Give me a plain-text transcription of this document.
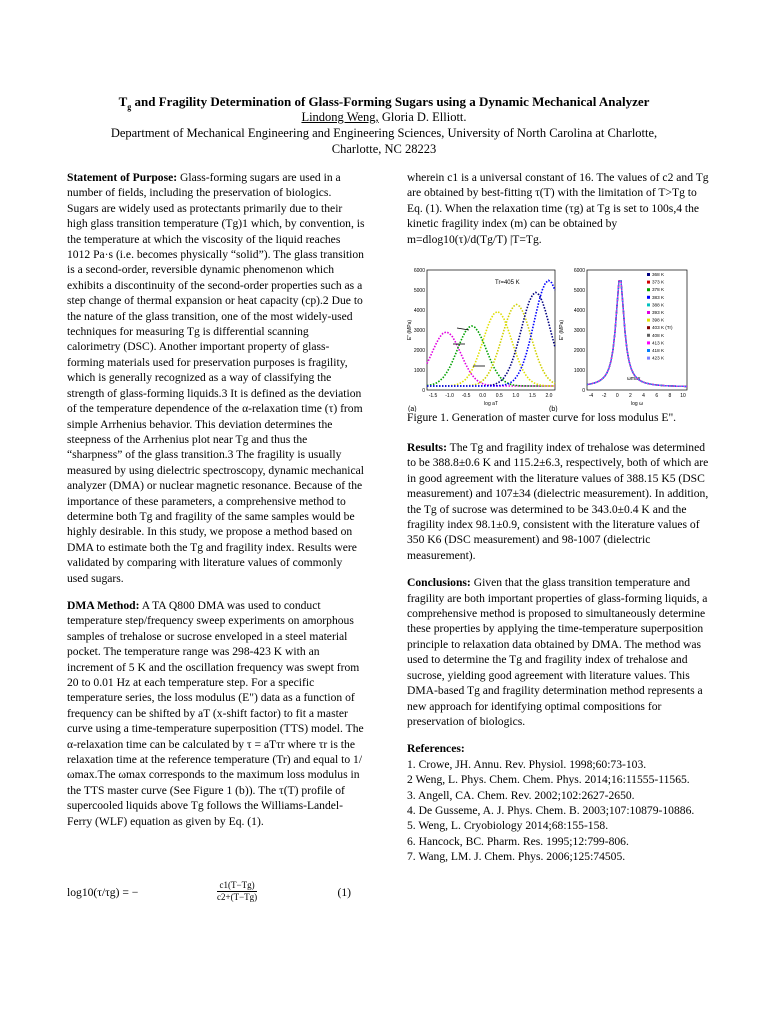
$T_g$ and Fragility Determination of Glass-Forming Sugars using a Dynamic Mechanical Analyzer
Lindong Weng, Gloria D. Elliott.
Department of Mechanical Engineering and Engineering Sciences, University of North Carolina at Charlotte,
Charlotte, NC 28223

Statement of Purpose: Glass-forming sugars are used in a number of fields, including the preservation of biologics. Sugars are widely used as protectants primarily due to their high glass transition temperature (Tg)1 which, by convention, is the temperature at which the viscosity of the liquid reaches 1012 Pa·s (i.e. becomes physically “solid”). The glass transition is a second-order, reversible dynamic phenomenon which exhibits a discontinuity of the second-order properties such as a step change of thermal expansion or heat capacity (cp).2 Due to the nature of the glass transition, one of the most widely-used techniques for measuring Tg is differential scanning calorimetry (DSC). Another important property of glass-forming materials used for preservation purposes is fragility, which is generally recognized as a way of classifying the strength of glass-forming liquids.3 It is defined as the deviation of the temperature dependence of the α-relaxation time (τ) from simple Arrhenius behavior. This deviation determines the steepness of the Arrhenius plot near Tg and thus the “sharpness” of the glass transition.3 The fragility is usually measured by using dielectric spectroscopy, dynamic mechanical analyzer (DMA) or nuclear magnetic resonance. Because of the importance of these parameters, a comprehensive method to determine both Tg and fragility of the same samples would be highly desirable. In this study, we propose a method based on DMA to estimate both the Tg and fragility index. Results were validated by comparing with literature values of commonly used sugars.

DMA Method: A TA Q800 DMA was used to conduct temperature step/frequency sweep experiments on amorphous samples of trehalose or sucrose enveloped in a steel material pocket. The temperature range was 298-423 K with an increment of 5 K and the oscillation frequency was swept from 20 to 0.01 Hz at each temperature step. For a specific temperature series, the loss modulus (E") data as a function of frequency can be shifted by aT (x-shift factor) to fit a master curve using a time-temperature superposition (TTS) model. The α-relaxation time can be calculated by τ = aTτr where τr is the relaxation time at the reference temperature (Tr) and equal to 1/ωmax.The ωmax corresponds to the maximum loss modulus in the TTS master curve (See Figure 1 (b)). The τ(T) profile of supercooled liquids above Tg follows the Williams-Landel-Ferry (WLF) equation as given by Eq. (1).

log10(τ/τg) = −	$\frac{c1(T-Tg)}{c2+(T-Tg)}$	(1)

wherein c1 is a universal constant of 16. The values of c2 and Tg are obtained by best-fitting τ(T) with the limitation of T>Tg to Eq. (1). When the relaxation time (τg) at Tg is set to 100s,4 the kinetic fragility index (m) can be obtained by m=dlog10(τ)/d(Tg/T) |T=Tg.

0
1000
2000
3000
4000
5000
6000
-1.5 -1.0 -0.5 0.0 0.5 1.0 1.5 2.0
log aT
Tr=405 K
(a)
E" (MPa)
0
1000
2000
3000
4000
5000
6000
-4 -2 0 2 4 6 8 10
log ω
ωmax
(b)
E" (MPa)
368 K
373 K
378 K
383 K
388 K
393 K
398 K
403 K (Tr)
408 K
413 K
418 K
423 K
Figure 1. Generation of master curve for loss modulus E".

Results: The Tg and fragility index of trehalose was determined to be 388.8±0.6 K and 115.2±6.3, respectively, both of which are in good agreement with the literature values of 388.15 K5 (DSC measurement) and 107±34 (dielectric measurement). In addition, the Tg of sucrose was determined to be 343.0±0.4 K and the fragility index 98.1±0.9, consistent with the literature values of 350 K6 (DSC measurement) and 98-1007 (dielectric measurement).

Conclusions: Given that the glass transition temperature and fragility are both important properties of glass-forming liquids, a comprehensive method is proposed to simultaneously determine these properties by applying the time-temperature superposition principle to relaxation data obtained by DMA. The method was used to determine the Tg and fragility index of trehalose and sucrose, yielding good agreement with literature values. This DMA-based Tg and fragility determination method represents a new approach for identifying optimal compositions for preservation of biologics.

References:
1. Crowe, JH. Annu. Rev. Physiol. 1998;60:73-103.
2 Weng, L. Phys. Chem. Chem. Phys. 2014;16:11555-11565.
3. Angell, CA. Chem. Rev. 2002;102:2627-2650.
4. De Gusseme, A. J. Phys. Chem. B. 2003;107:10879-10886.
5. Weng, L. Cryobiology 2014;68:155-158.
6. Hancock, BC. Pharm. Res. 1995;12:799-806.
7. Wang, LM. J. Chem. Phys. 2006;125:74505.
